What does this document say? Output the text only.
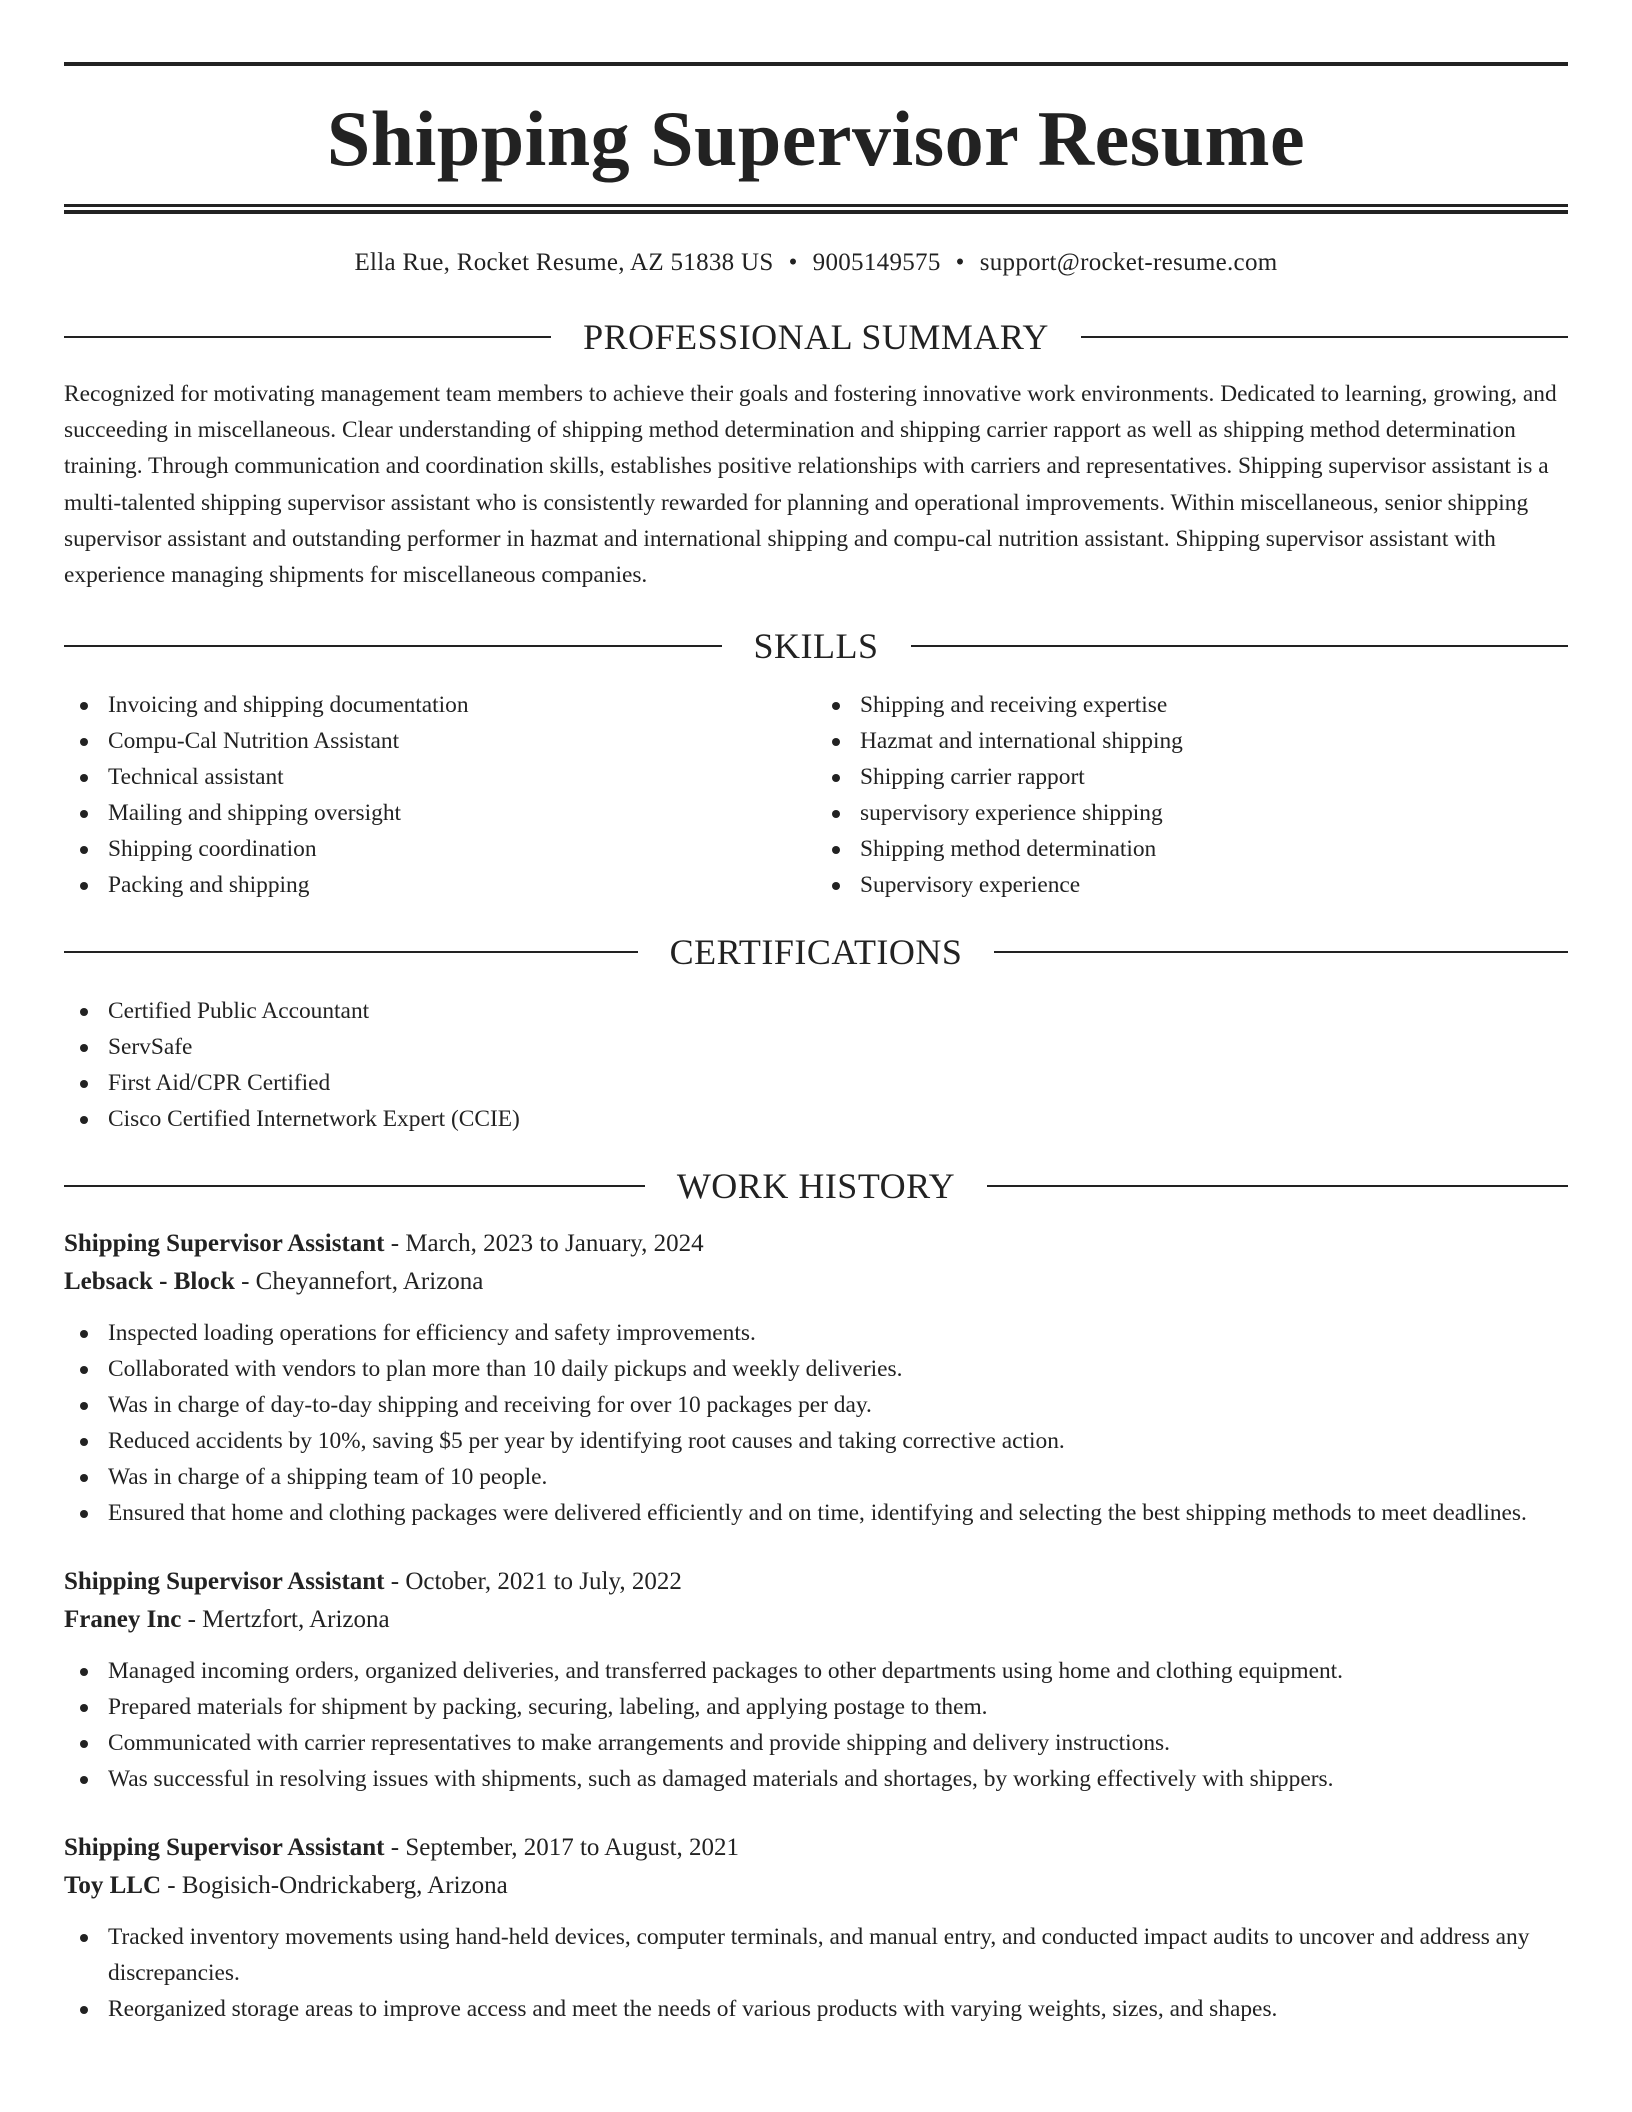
Shipping Supervisor Resume
Ella Rue, Rocket Resume, AZ 51838 US • 9005149575 • support@rocket-resume.com
PROFESSIONAL SUMMARY

Recognized for motivating management team members to achieve their goals and fostering innovative work environments. Dedicated to learning, growing, and succeeding in miscellaneous. Clear understanding of shipping method determination and shipping carrier rapport as well as shipping method determination training. Through communication and coordination skills, establishes positive relationships with carriers and representatives. Shipping supervisor assistant is a multi-talented shipping supervisor assistant who is consistently rewarded for planning and operational improvements. Within miscellaneous, senior shipping supervisor assistant and outstanding performer in hazmat and international shipping and compu-cal nutrition assistant. Shipping supervisor assistant with experience managing shipments for miscellaneous companies.

SKILLS
Invoicing and shipping documentation
Compu-Cal Nutrition Assistant
Technical assistant
Mailing and shipping oversight
Shipping coordination
Packing and shipping
Shipping and receiving expertise
Hazmat and international shipping
Shipping carrier rapport
supervisory experience shipping
Shipping method determination
Supervisory experience
CERTIFICATIONS
Certified Public Accountant
ServSafe
First Aid/CPR Certified
Cisco Certified Internetwork Expert (CCIE)
WORK HISTORY
Shipping Supervisor Assistant - March, 2023 to January, 2024
Lebsack - Block - Cheyannefort, Arizona
Inspected loading operations for efficiency and safety improvements.
Collaborated with vendors to plan more than 10 daily pickups and weekly deliveries.
Was in charge of day-to-day shipping and receiving for over 10 packages per day.
Reduced accidents by 10%, saving $5 per year by identifying root causes and taking corrective action.
Was in charge of a shipping team of 10 people.
Ensured that home and clothing packages were delivered efficiently and on time, identifying and selecting the best shipping methods to meet deadlines.
Shipping Supervisor Assistant - October, 2021 to July, 2022
Franey Inc - Mertzfort, Arizona
Managed incoming orders, organized deliveries, and transferred packages to other departments using home and clothing equipment.
Prepared materials for shipment by packing, securing, labeling, and applying postage to them.
Communicated with carrier representatives to make arrangements and provide shipping and delivery instructions.
Was successful in resolving issues with shipments, such as damaged materials and shortages, by working effectively with shippers.
Shipping Supervisor Assistant - September, 2017 to August, 2021
Toy LLC - Bogisich-Ondrickaberg, Arizona
Tracked inventory movements using hand-held devices, computer terminals, and manual entry, and conducted impact audits to uncover and address any discrepancies.
Reorganized storage areas to improve access and meet the needs of various products with varying weights, sizes, and shapes.
